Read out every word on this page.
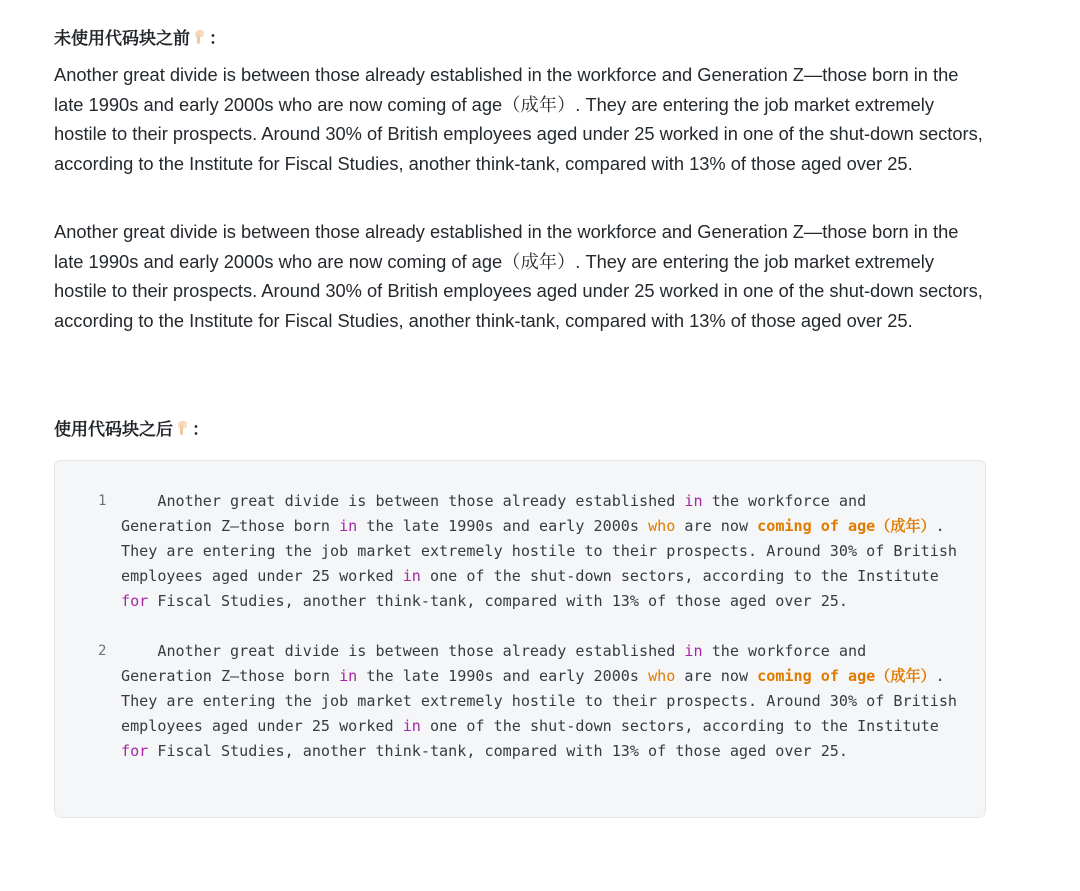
未使用代码块之前 ：

Another great divide is between those already established in the workforce and Generation Z—those born in the late 1990s and early 2000s who are now coming of age（成年）. They are entering the job market extremely hostile to their prospects. Around 30% of British employees aged under 25 worked in one of the shut-down sectors, according to the Institute for Fiscal Studies, another think-tank, compared with 13% of those aged over 25.

Another great divide is between those already established in the workforce and Generation Z—those born in the late 1990s and early 2000s who are now coming of age（成年）. They are entering the job market extremely hostile to their prospects. Around 30% of British employees aged under 25 worked in one of the shut-down sectors, according to the Institute for Fiscal Studies, another think-tank, compared with 13% of those aged over 25.

使用代码块之后 ：
1 Another great divide is between those already established in the workforce and Generation Z—those born in the late 1990s and early 2000s who are now coming of age（成年）. They are entering the job market extremely hostile to their prospects. Around 30% of British employees aged under 25 worked in one of the shut-down sectors, according to the Institute for Fiscal Studies, another think-tank, compared with 13% of those aged over 25.
2 Another great divide is between those already established in the workforce and Generation Z—those born in the late 1990s and early 2000s who are now coming of age（成年）. They are entering the job market extremely hostile to their prospects. Around 30% of British employees aged under 25 worked in one of the shut-down sectors, according to the Institute for Fiscal Studies, another think-tank, compared with 13% of those aged over 25.
